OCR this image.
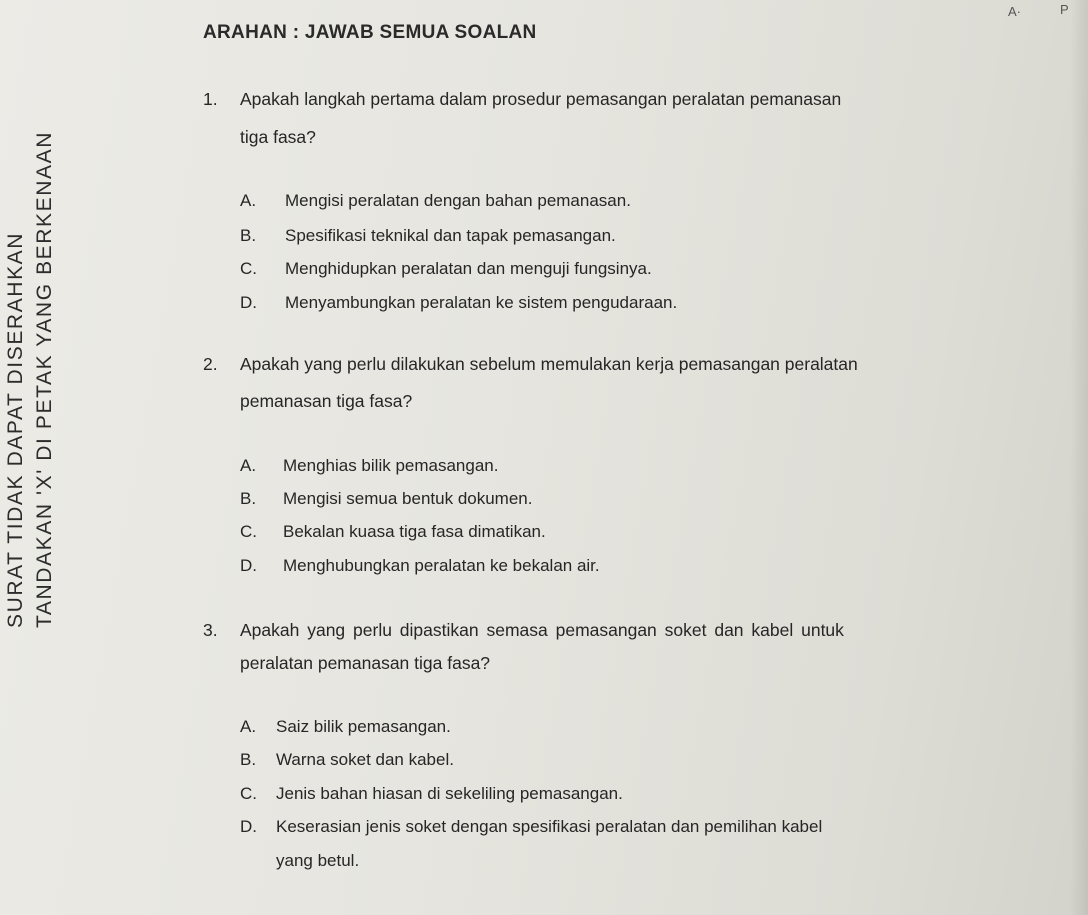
A·	P
ARAHAN : JAWAB SEMUA SOALAN
SURAT TIDAK DAPAT DISERAHKAN TANDAKAN 'X' DI PETAK YANG BERKENAAN
1. Apakah langkah pertama dalam prosedur pemasangan peralatan pemanasan
tiga fasa?
A. Mengisi peralatan dengan bahan pemanasan.
B. Spesifikasi teknikal dan tapak pemasangan.
C. Menghidupkan peralatan dan menguji fungsinya.
D. Menyambungkan peralatan ke sistem pengudaraan.
2. Apakah yang perlu dilakukan sebelum memulakan kerja pemasangan peralatan
pemanasan tiga fasa?
A. Menghias bilik pemasangan.
B. Mengisi semua bentuk dokumen.
C. Bekalan kuasa tiga fasa dimatikan.
D. Menghubungkan peralatan ke bekalan air.
3. Apakah yang perlu dipastikan semasa pemasangan soket dan kabel untuk
peralatan pemanasan tiga fasa?
A. Saiz bilik pemasangan.
B. Warna soket dan kabel.
C. Jenis bahan hiasan di sekeliling pemasangan.
D. Keserasian jenis soket dengan spesifikasi peralatan dan pemilihan kabel
yang betul.
